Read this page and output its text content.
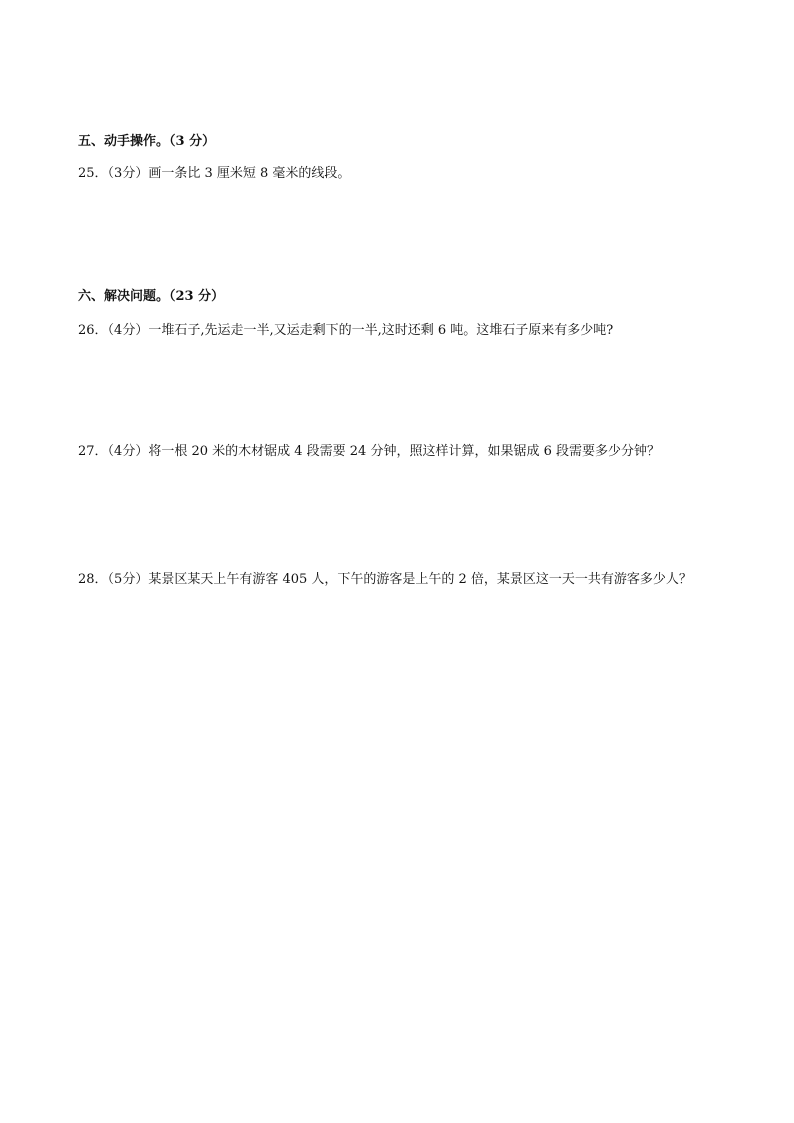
五、动手操作。（3 分）
25．（3分）画一条比 3 厘米短 8 毫米的线段。
六、解决问题。（23 分）
26．（4分）一堆石子,先运走一半,又运走剩下的一半,这时还剩 6 吨。这堆石子原来有多少吨?
27．（4分）将一根 20 米的木材锯成 4 段需要 24 分钟，照这样计算，如果锯成 6 段需要多少分钟？
28．（5分）某景区某天上午有游客 405 人，下午的游客是上午的 2 倍，某景区这一天一共有游客多少人？
